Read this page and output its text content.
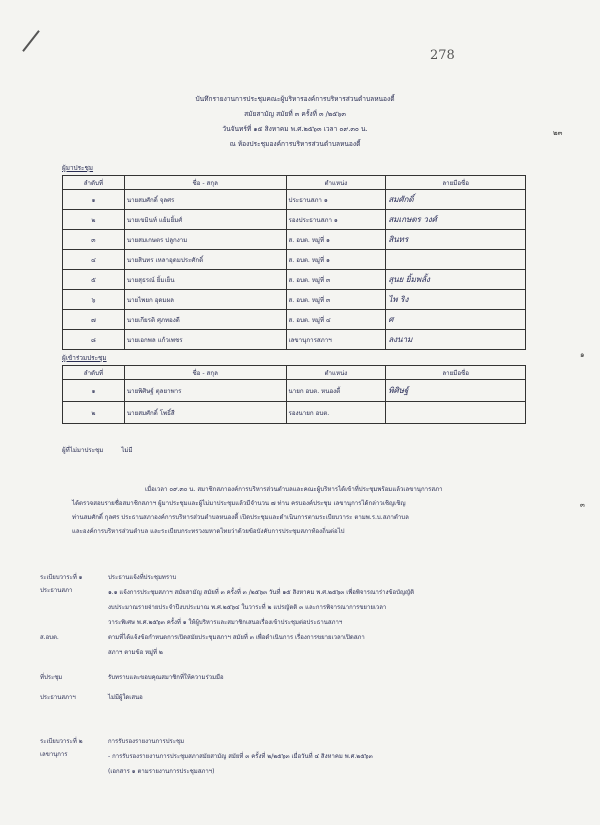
278
บันทึกรายงานการประชุมคณะผู้บริหารองค์การบริหารส่วนตำบลหนองตี้
สมัยสามัญ สมัยที่ ๓ ครั้งที่ ๓ /๒๕๖๓
วันจันทร์ที่ ๑๕ สิงหาคม พ.ศ.๒๕๖๓ เวลา ๐๙.๓๐ น.
ณ ห้องประชุมองค์การบริหารส่วนตำบลหนองตี้
๒๓
๑
๓
ผู้มาประชุม
ลำดับที่	ชื่อ - สกุล	ตำแหน่ง	ลายมือชื่อ
๑	นายสมศักดิ์ จุลศร	ประธานสภา ๑	สมศักดิ์
๒	นายเขมินท์ แย้มยิ้มศ์	รองประธานสภา ๑	สมเกษตร วงศ์
๓	นายสมเกษตร ปลูกงาม	ส. อบต. หมู่ที่ ๑	สินทร
๔	นายสินทร เหลาอุดมประศักดิ์	ส. อบต. หมู่ที่ ๑	
๕	นายสุธรณ์ ยิ้มเย็น	ส. อบต. หมู่ที่ ๓	สุนย ยิ้มพลั้ง
๖	นายไพยก อุดมผล	ส. อบต. หมู่ที่ ๓	ไพ ริง
๗	นายเกียรติ ศุภทองดี	ส. อบต. หมู่ที่ ๔	ศ
๘	นายเอกพล แก้วเพชร	เลขานุการสภาฯ	ลงนาม
ผู้เข้าร่วมประชุม
ลำดับที่	ชื่อ - สกุล	ตำแหน่ง	ลายมือชื่อ
๑	นายพิศิษฐ์ ตุลยาพาร	นายก อบต. หนองตี้	พิศิษฐ์
๒	นายสมศักดิ์ โพธิ์สี	รองนายก อบต.	
ผู้ที่ไม่มาประชุม	ไม่มี
เมื่อเวลา ๐๙.๓๐ น. สมาชิกสภาองค์การบริหารส่วนตำบลและคณะผู้บริหารได้เข้าที่ประชุมพร้อมแล้วเลขานุการสภา
ได้ตรวจสอบรายชื่อสมาชิกสภาฯ ผู้มาประชุมและผู้ไม่มาประชุมแล้วมีจำนวน ๗ ท่าน ครบองค์ประชุม เลขานุการได้กล่าวเชิญเชิญ
ท่านสมศักดิ์ กุลศร ประธานสภาองค์การบริหารส่วนตำบลหนองตี้ เปิดประชุมและดำเนินการตามระเบียบวาระ ตามพ.ร.บ.สภาตำบล
และองค์การบริหารส่วนตำบล และระเบียบกระทรวงมหาดไทยว่าด้วยข้อบังคับการประชุมสภาท้องถิ่นต่อไป
ระเบียบวาระที่ ๑
ประธานสภา
ประธานแจ้งที่ประชุมทราบ
๑.๑ แจ้งการประชุมสภาฯ สมัยสามัญ สมัยที่ ๓ ครั้งที่ ๓ /๒๕๖๓ วันที่ ๑๕ สิงหาคม พ.ศ.๒๕๖๓ เพื่อพิจารณาร่างข้อบัญญัติ
งบประมาณรายจ่ายประจำปีงบประมาณ พ.ศ.๒๕๖๔ ในวาระที่ ๒ แปรญัตติ ๓ และการพิจารณาการขยายเวลา
วาระพิเศษ พ.ศ.๒๕๖๓ ครั้งที่ ๑ ให้ผู้บริหารและสมาชิกเสนอเรื่องเข้าประชุมต่อประธานสภาฯ
ส.อบต.	ตามที่ได้แจ้งข้อกำหนดการเปิดสมัยประชุมสภาฯ สมัยที่ ๓ เพื่อดำเนินการ เรื่องการขยายเวลาเปิดสภา
สภาฯ ตามข้อ หมู่ที่ ๒
ที่ประชุม	รับทราบและขอบคุณสมาชิกที่ให้ความร่วมมือ
ประธานสภาฯ	ไม่มีผู้ใดเสนอ
ระเบียบวาระที่ ๒
เลขานุการ
การรับรองรายงานการประชุม
- การรับรองรายงานการประชุมสภาสมัยสามัญ สมัยที่ ๓ ครั้งที่ ๒/๒๕๖๓ เมื่อวันที่ ๔ สิงหาคม พ.ศ.๒๕๖๓
(เอกสาร ๑ ตามรายงานการประชุมสภาฯ)
